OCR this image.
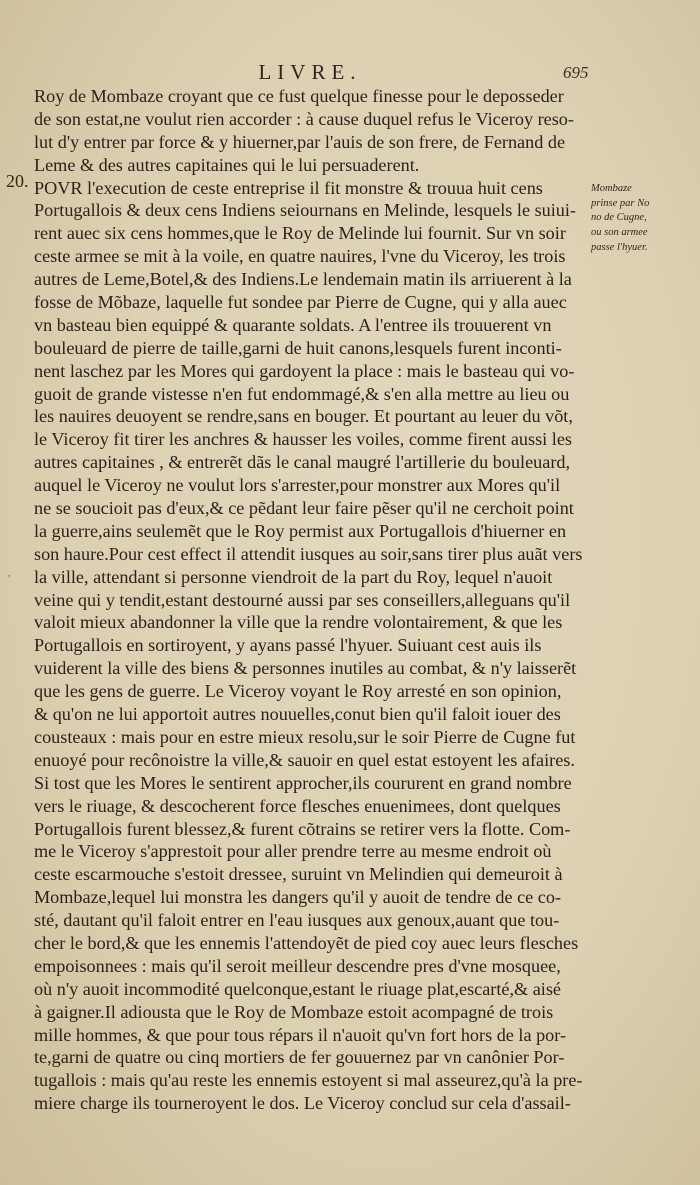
LIVRE.	695
20.
,
Roy de Mombaze croyant que ce fust quelque finesse pour le deposseder
de son estat,ne voulut rien accorder : à cause duquel refus le Viceroy reso-
lut d'y entrer par force & y hiuerner,par l'auis de son frere, de Fernand de
Leme & des autres capitaines qui le lui persuaderent.
POVR l'execution de ceste entreprise il fit monstre & trouua huit cens
Portugallois & deux cens Indiens seiournans en Melinde, lesquels le suiui-
rent auec six cens hommes,que le Roy de Melinde lui fournit. Sur vn soir
ceste armee se mit à la voile, en quatre nauires, l'vne du Viceroy, les trois
autres de Leme,Botel,& des Indiens.Le lendemain matin ils arriuerent à la
fosse de Mõbaze, laquelle fut sondee par Pierre de Cugne, qui y alla auec
vn basteau bien equippé & quarante soldats. A l'entree ils trouuerent vn
bouleuard de pierre de taille,garni de huit canons,lesquels furent inconti-
nent laschez par les Mores qui gardoyent la place : mais le basteau qui vo-
guoit de grande vistesse n'en fut endommagé,& s'en alla mettre au lieu ou
les nauires deuoyent se rendre,sans en bouger. Et pourtant au leuer du võt,
le Viceroy fit tirer les anchres & hausser les voiles, comme firent aussi les
autres capitaines , & entrerẽt dãs le canal maugré l'artillerie du bouleuard,
auquel le Viceroy ne voulut lors s'arrester,pour monstrer aux Mores qu'il
ne se soucioit pas d'eux,& ce pẽdant leur faire pẽser qu'il ne cerchoit point
la guerre,ains seulemẽt que le Roy permist aux Portugallois d'hiuerner en
son haure.Pour cest effect il attendit iusques au soir,sans tirer plus auãt vers
la ville, attendant si personne viendroit de la part du Roy, lequel n'auoit
veine qui y tendit,estant destourné aussi par ses conseillers,alleguans qu'il
valoit mieux abandonner la ville que la rendre volontairement, & que les
Portugallois en sortiroyent, y ayans passé l'hyuer. Suiuant cest auis ils
vuiderent la ville des biens & personnes inutiles au combat, & n'y laisserẽt
que les gens de guerre. Le Viceroy voyant le Roy arresté en son opinion,
& qu'on ne lui apportoit autres nouuelles,conut bien qu'il faloit iouer des
cousteaux : mais pour en estre mieux resolu,sur le soir Pierre de Cugne fut
enuoyé pour recônoistre la ville,& sauoir en quel estat estoyent les afaires.
Si tost que les Mores le sentirent approcher,ils coururent en grand nombre
vers le riuage, & descocherent force flesches enuenimees, dont quelques
Portugallois furent blessez,& furent cõtrains se retirer vers la flotte. Com-
me le Viceroy s'apprestoit pour aller prendre terre au mesme endroit où
ceste escarmouche s'estoit dressee, suruint vn Melindien qui demeuroit à
Mombaze,lequel lui monstra les dangers qu'il y auoit de tendre de ce co-
sté, dautant qu'il faloit entrer en l'eau iusques aux genoux,auant que tou-
cher le bord,& que les ennemis l'attendoyẽt de pied coy auec leurs flesches
empoisonnees : mais qu'il seroit meilleur descendre pres d'vne mosquee,
où n'y auoit incommodité quelconque,estant le riuage plat,escarté,& aisé
à gaigner.Il adiousta que le Roy de Mombaze estoit acompagné de trois
mille hommes, & que pour tous répars il n'auoit qu'vn fort hors de la por-
te,garni de quatre ou cinq mortiers de fer gouuernez par vn canônier Por-
tugallois : mais qu'au reste les ennemis estoyent si mal asseurez,qu'à la pre-
miere charge ils tourneroyent le dos. Le Viceroy conclud sur cela d'assail-
Mombaze
prinse par No
no de Cugne,
ou son armee
passe l'hyuer.
